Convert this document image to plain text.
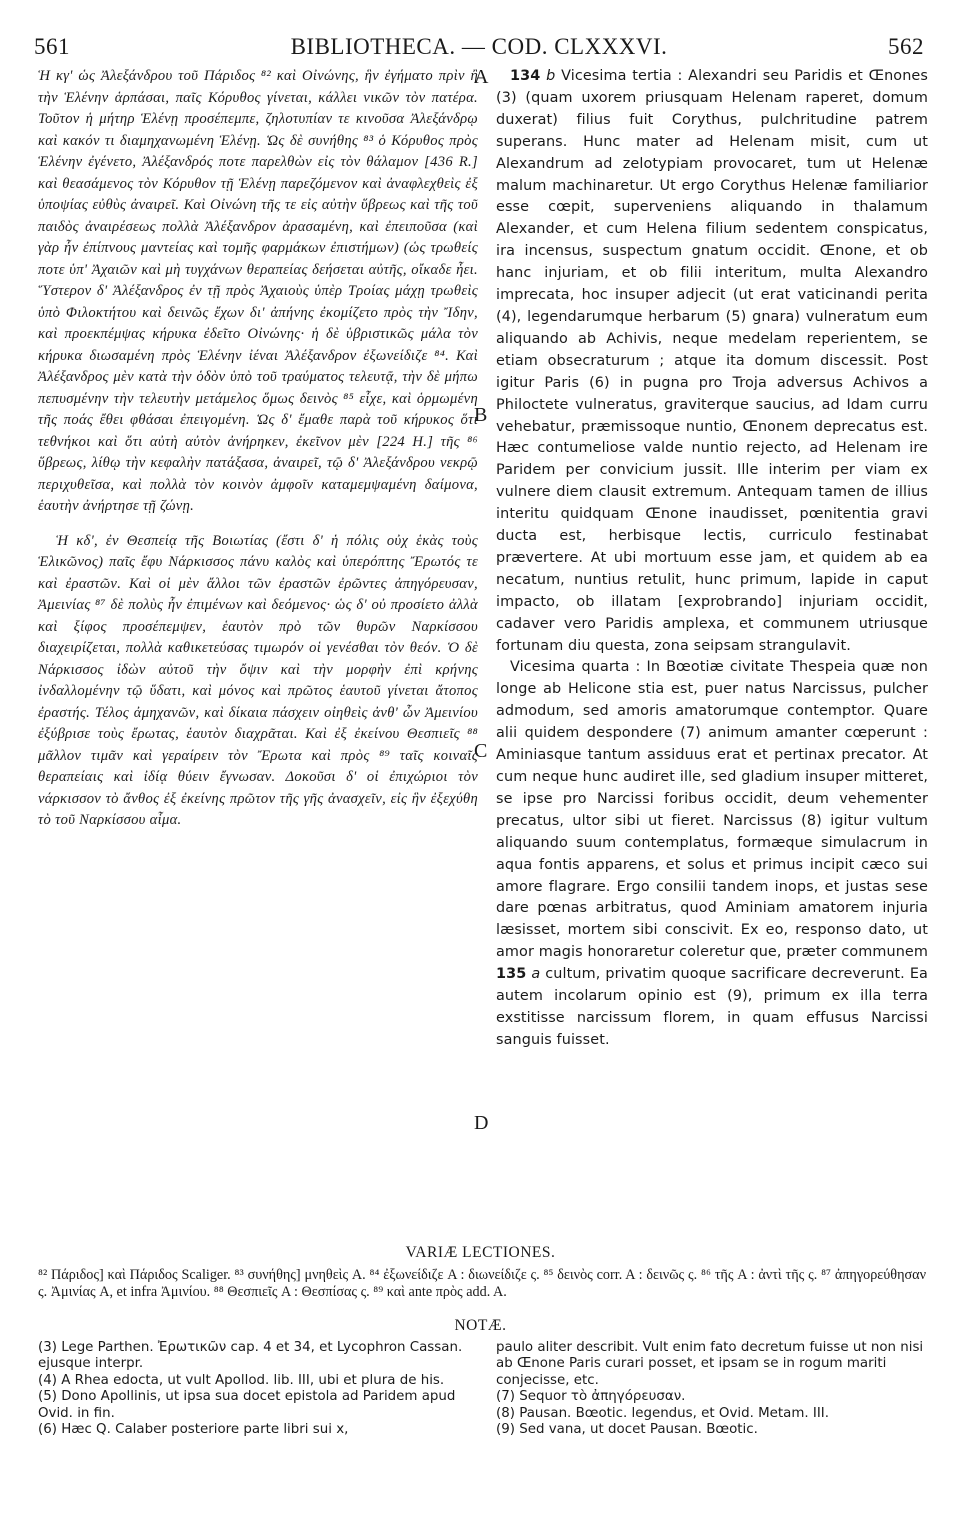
561	BIBLIOTHECA. — COD. CLXXXVI.	562
A
B
C
D

Ἡ κγ' ὡς Ἀλεξάνδρου τοῦ Πάριδος ⁸² καὶ Οἰνώνης, ἣν ἐγήματο πρὶν ἢ τὴν Ἑλένην ἁρπάσαι, παῖς Κόρυθος γίνεται, κάλλει νικῶν τὸν πατέρα. Τοῦτον ἡ μήτηρ Ἑλένῃ προσέπεμπε, ζηλοτυπίαν τε κινοῦσα Ἀλεξάνδρῳ καὶ κακόν τι διαμηχανωμένη Ἑλένῃ. Ὡς δὲ συνήθης ⁸³ ὁ Κόρυθος πρὸς Ἑλένην ἐγένετο, Ἀλέξανδρός ποτε παρελθὼν εἰς τὸν θάλαμον [436 R.] καὶ θεασάμενος τὸν Κόρυθον τῇ Ἑλένῃ παρεζόμενον καὶ ἀναφλεχθεὶς ἐξ ὑποψίας εὐθὺς ἀναιρεῖ. Καὶ Οἰνώνη τῆς τε εἰς αὐτὴν ὕβρεως καὶ τῆς τοῦ παιδὸς ἀναιρέσεως πολλὰ Ἀλέξανδρον ἀρασαμένη, καὶ ἐπειποῦσα (καὶ γὰρ ἦν ἐπίπνους μαντείας καὶ τομῆς φαρμάκων ἐπιστήμων) (ὡς τρωθείς ποτε ὑπ' Ἀχαιῶν καὶ μὴ τυγχάνων θεραπείας δεήσεται αὐτῆς, οἴκαδε ἧει. Ὕστερον δ' Ἀλέξανδρος ἐν τῇ πρὸς Ἀχαιοὺς ὑπὲρ Τροίας μάχῃ τρωθεὶς ὑπὸ Φιλοκτήτου καὶ δεινῶς ἔχων δι' ἀπήνης ἐκομίζετο πρὸς τὴν Ἴδην, καὶ προεκπέμψας κήρυκα ἐδεῖτο Οἰνώνης· ἡ δὲ ὑβριστικῶς μάλα τὸν κήρυκα διωσαμένη πρὸς Ἑλένην ἰέναι Ἀλέξανδρον ἐξωνείδιζε ⁸⁴. Καὶ Ἀλέξανδρος μὲν κατὰ τὴν ὁδὸν ὑπὸ τοῦ τραύματος τελευτᾷ, τὴν δὲ μήπω πεπυσμένην τὴν τελευτὴν μετάμελος ὅμως δεινὸς ⁸⁵ εἶχε, καὶ ὁρμωμένη τῆς ποάς ἔθει φθάσαι ἐπειγομένη. Ὡς δ' ἔμαθε παρὰ τοῦ κήρυκος ὅτι τεθνήκοι καὶ ὅτι αὐτὴ αὐτὸν ἀνήρηκεν, ἐκεῖνον μὲν [224 H.] τῆς ⁸⁶ ὕβρεως, λίθῳ τὴν κεφαλὴν πατάξασα, ἀναιρεῖ, τῷ δ' Ἀλεξάνδρου νεκρῷ περιχυθεῖσα, καὶ πολλὰ τὸν κοινὸν ἀμφοῖν καταμεμψαμένη δαίμονα, ἑαυτὴν ἀνήρτησε τῇ ζώνῃ.

Ἡ κδ', ἐν Θεσπείᾳ τῆς Βοιωτίας (ἔστι δ' ἡ πόλις οὐχ ἑκὰς τοὺς Ἑλικῶνος) παῖς ἔφυ Νάρκισσος πάνυ καλὸς καὶ ὑπερόπτης Ἔρωτός τε καὶ ἐραστῶν. Καὶ οἱ μὲν ἄλλοι τῶν ἐραστῶν ἐρῶντες ἀπηγόρευσαν, Ἀμεινίας ⁸⁷ δὲ πολὺς ἦν ἐπιμένων καὶ δεόμενος· ὡς δ' οὐ προσίετο ἀλλὰ καὶ ξίφος προσέπεμψεν, ἑαυτὸν πρὸ τῶν θυρῶν Ναρκίσσου διαχειρίζεται, πολλὰ καθικετεύσας τιμωρόν οἱ γενέσθαι τὸν θεόν. Ὁ δὲ Νάρκισσος ἰδὼν αὐτοῦ τὴν ὄψιν καὶ τὴν μορφὴν ἐπὶ κρήνης ἰνδαλλομένην τῷ ὕδατι, καὶ μόνος καὶ πρῶτος ἑαυτοῦ γίνεται ἄτοπος ἐραστής. Τέλος ἀμηχανῶν, καὶ δίκαια πάσχειν οἰηθεὶς ἀνθ' ὧν Ἀμεινίου ἐξύβρισε τοὺς ἔρωτας, ἑαυτὸν διαχρᾶται. Καὶ ἐξ ἐκείνου Θεσπιεῖς ⁸⁸ μᾶλλον τιμᾶν καὶ γεραίρειν τὸν Ἔρωτα καὶ πρὸς ⁸⁹ ταῖς κοιναῖς θεραπείαις καὶ ἰδίᾳ θύειν ἔγνωσαν. Δοκοῦσι δ' οἱ ἐπιχώριοι τὸν νάρκισσον τὸ ἄνθος ἐξ ἐκείνης πρῶτον τῆς γῆς ἀνασχεῖν, εἰς ἣν ἐξεχύθη τὸ τοῦ Ναρκίσσου αἷμα.

134 b Vicesima tertia : Alexandri seu Paridis et Œnones (3) (quam uxorem priusquam Helenam raperet, domum duxerat) filius fuit Corythus, pulchritudine patrem superans. Hunc mater ad Helenam misit, cum ut Alexandrum ad zelotypiam provocaret, tum ut Helenæ malum machinaretur. Ut ergo Corythus Helenæ familiarior esse cœpit, superveniens aliquando in thalamum Alexander, et cum Helena filium sedentem conspicatus, ira incensus, suspectum gnatum occidit. Œnone, et ob hanc injuriam, et ob filii interitum, multa Alexandro imprecata, hoc insuper adjecit (ut erat vaticinandi perita (4), legendarumque herbarum (5) gnara) vulneratum eum aliquando ab Achivis, neque medelam reperientem, se etiam obsecraturum ; atque ita domum discessit. Post igitur Paris (6) in pugna pro Troja adversus Achivos a Philoctete vulneratus, graviterque saucius, ad Idam curru vehebatur, præmissoque nuntio, Œnonem deprecatus est. Hæc contumeliose valde nuntio rejecto, ad Helenam ire Paridem per convicium jussit. Ille interim per viam ex vulnere diem clausit extremum. Antequam tamen de illius interitu quidquam Œnone inaudisset, pœnitentia gravi ducta est, herbisque lectis, curriculo festinabat prævertere. At ubi mortuum esse jam, et quidem ab ea necatum, nuntius retulit, hunc primum, lapide in caput impacto, ob illatam [exprobrando] injuriam occidit, cadaver vero Paridis amplexa, et communem utriusque fortunam diu questa, zona seipsam strangulavit.

Vicesima quarta : In Bœotiæ civitate Thespeia quæ non longe ab Helicone stia est, puer natus Narcissus, pulcher admodum, sed amoris amatorumque contemptor. Quare alii quidem despondere (7) animum amanter cœperunt : Aminiasque tantum assiduus erat et pertinax precator. At cum neque hunc audiret ille, sed gladium insuper mitteret, se ipse pro Narcissi foribus occidit, deum vehementer precatus, ultor sibi ut fieret. Narcissus (8) igitur vultum aliquando suum contemplatus, formæque simulacrum in aqua fontis apparens, et solus et primus incipit cæco sui amore flagrare. Ergo consilii tandem inops, et justas sese dare pœnas arbitratus, quod Aminiam amatorem injuria læsisset, mortem sibi conscivit. Ex eo, responso dato, ut amor magis honoraretur coleretur que, præter communem 135 a cultum, privatim quoque sacrificare decreverunt. Ea autem incolarum opinio est (9), primum ex illa terra exstitisse narcissum florem, in quam effusus Narcissi sanguis fuisset.

VARIÆ LECTIONES.
⁸² Πάριδος] καὶ Πάριδος Scaliger. ⁸³ συνήθης] μνηθεὶς A. ⁸⁴ ἐξωνείδιζε A : διωνείδιζε ς. ⁸⁵ δεινὸς corr. A : δεινῶς ς. ⁸⁶ τῆς A : ἀντὶ τῆς ς. ⁸⁷ ἀπηγορεύθησαν ς. Ἀμινίας A, et infra Ἀμινίου. ⁸⁸ Θεσπιεῖς A : Θεσπίσας ς. ⁸⁹ καὶ ante πρὸς add. A.
NOTÆ.
(3) Lege Parthen. Ἐρωτικῶν cap. 4 et 34, et Lycophron Cassan. ejusque interpr.
(4) A Rhea edocta, ut vult Apollod. lib. III, ubi et plura de his.
(5) Dono Apollinis, ut ipsa sua docet epistola ad Paridem apud Ovid. in fin.
(6) Hæc Q. Calaber posteriore parte libri sui x,
paulo aliter describit. Vult enim fato decretum fuisse ut non nisi ab Œnone Paris curari posset, et ipsam se in rogum mariti conjecisse, etc.
(7) Sequor τὸ ἀπηγόρευσαν.
(8) Pausan. Bœotic. legendus, et Ovid. Metam. III.
(9) Sed vana, ut docet Pausan. Bœotic.
